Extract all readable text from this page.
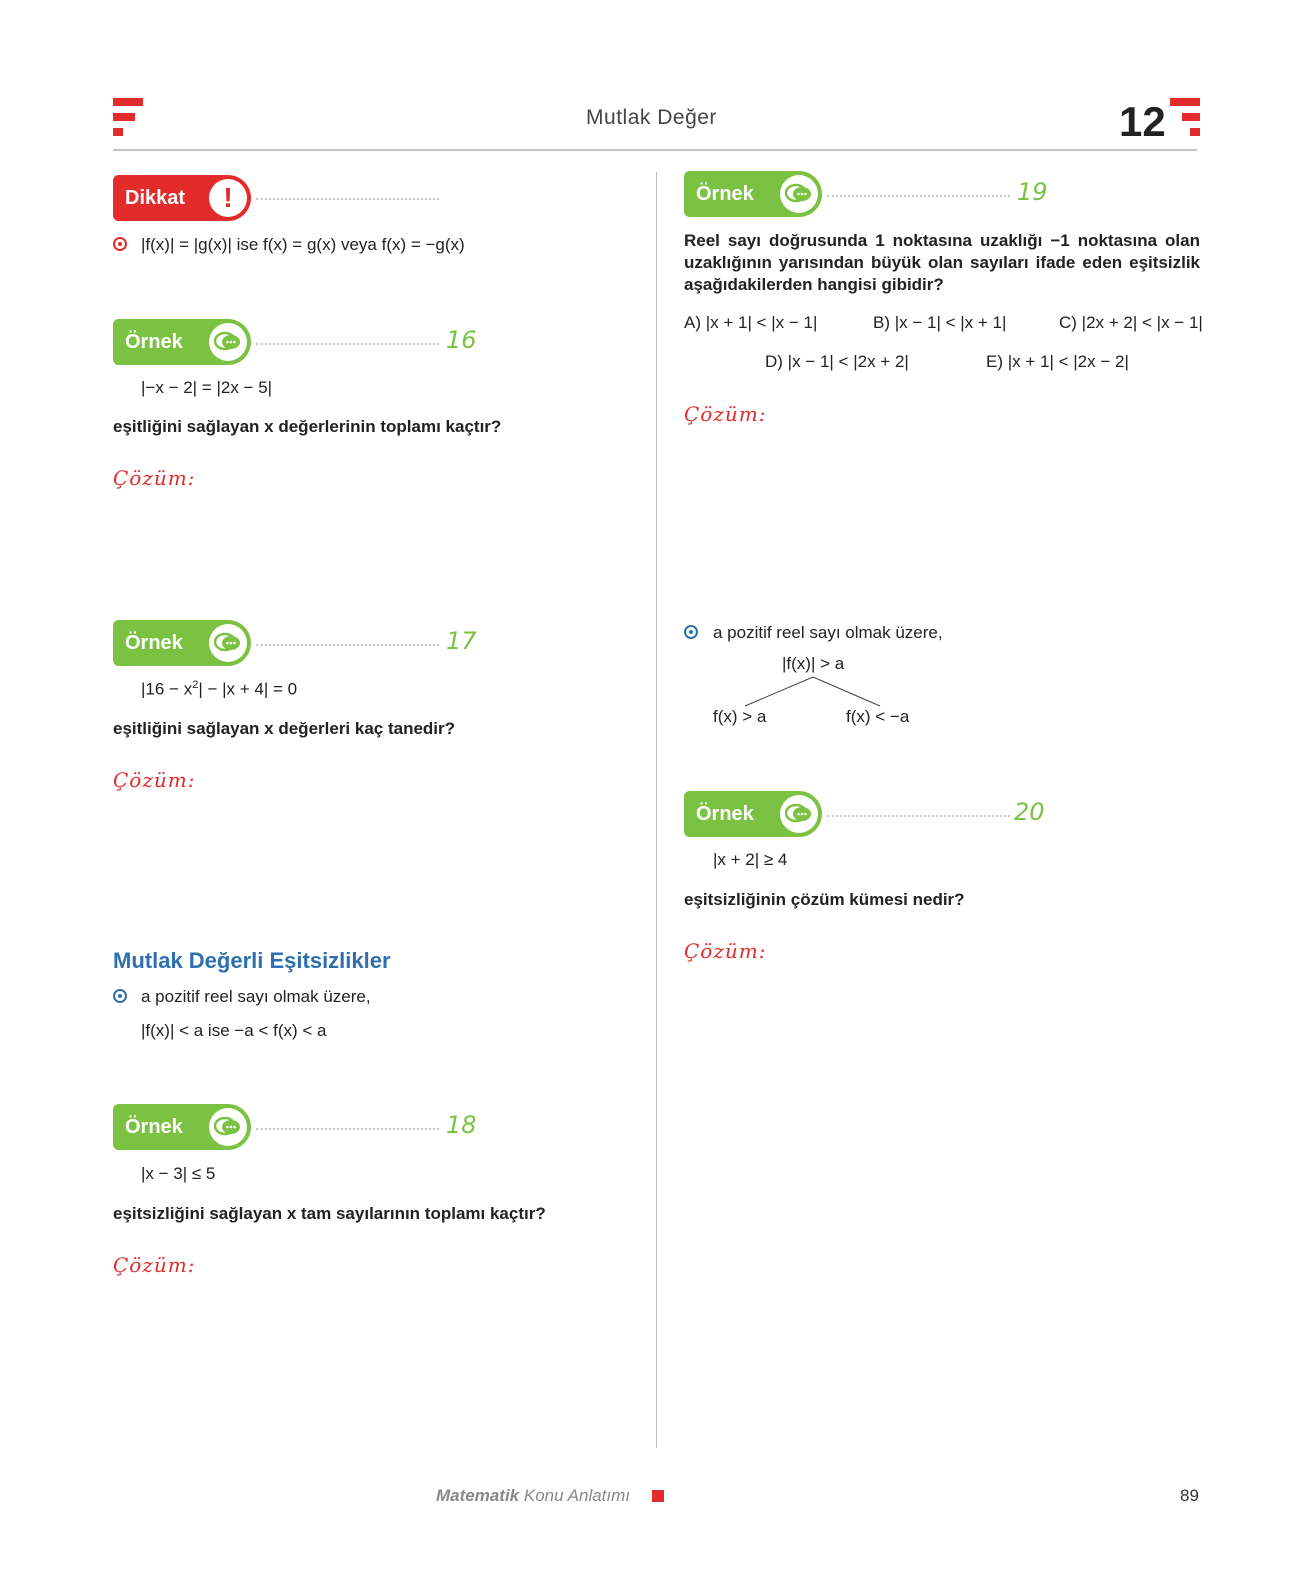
Mutlak Değer	12
Dikkat	!
|f(x)| = |g(x)| ise f(x) = g(x) veya f(x) = −g(x)
Örnek	16
|−x − 2| = |2x − 5|
eşitliğini sağlayan x değerlerinin toplamı kaçtır?
Çözüm:
Örnek	17
$|16 - x^2| - |x + 4| = 0$
eşitliğini sağlayan x değerleri kaç tanedir?
Çözüm:
Mutlak Değerli Eşitsizlikler
a pozitif reel sayı olmak üzere,
|f(x)| < a ise −a < f(x) < a
Örnek	18
|x − 3| ≤ 5
eşitsizliğini sağlayan x tam sayılarının toplamı kaçtır?
Çözüm:
Örnek	19
Reel sayı doğrusunda 1 noktasına uzaklığı −1 noktasına olan uzaklığının yarısından büyük olan sayıları ifade eden eşitsizlik aşağıdakilerden hangisi gibidir?
A) |x + 1| < |x − 1|	B) |x − 1| < |x + 1|	C) |2x + 2| < |x − 1|
D) |x − 1| < |2x + 2|	E) |x + 1| < |2x − 2|
Çözüm:
a pozitif reel sayı olmak üzere,
|f(x)| > a
f(x) > a	f(x) < −a
Örnek	20
|x + 2| ≥ 4
eşitsizliğinin çözüm kümesi nedir?
Çözüm:
Matematik Konu Anlatımı	89
